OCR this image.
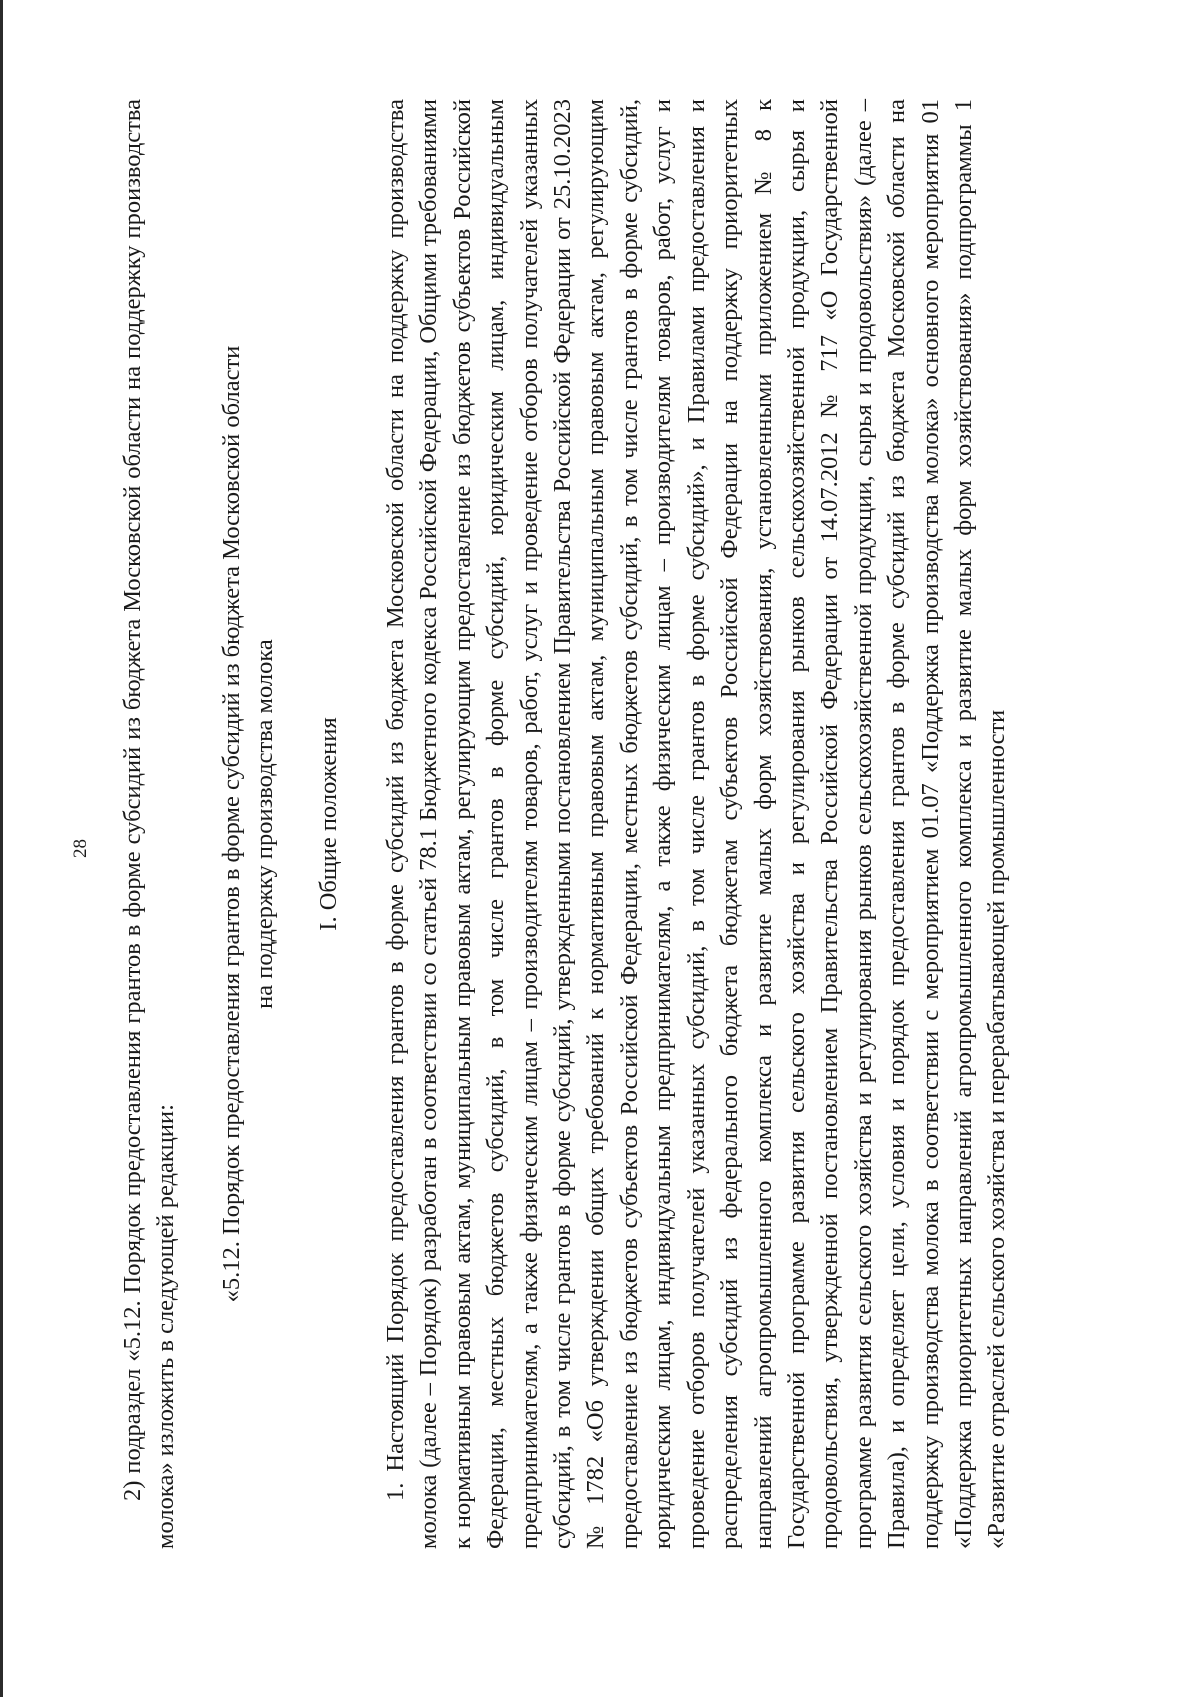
28 2) подраздел «5.12. Порядок предоставления грантов в форме субсидий из бюджета Московской области на поддержку производства молока» изложить в следующей редакции:

«5.12. Порядок предоставления грантов в форме субсидий из бюджета Московской области на поддержку производства молока I. Общие положения 1. Настоящий Порядок предоставления грантов в форме субсидий из бюджета Московской области на поддержку производства молока (далее – Порядок) разработан в соответствии со статьей 78.1 Бюджетного кодекса Российской Федерации, Общими требованиями к нормативным правовым актам, муниципальным правовым актам, регулирующим предоставление из бюджетов субъектов Российской Федерации, местных бюджетов субсидий, в том числе грантов в форме субсидий, юридическим лицам, индивидуальным предпринимателям, а также физическим лицам – производителям товаров, работ, услуг и проведение отборов получателей указанных субсидий, в том числе грантов в форме субсидий, утвержденными постановлением Правительства Российской Федерации от 25.10.2023 № 1782 «Об утверждении общих требований к нормативным правовым актам, муниципальным правовым актам, регулирующим предоставление из бюджетов субъектов Российской Федерации, местных бюджетов субсидий, в том числе грантов в форме субсидий, юридическим лицам, индивидуальным предпринимателям, а также физическим лицам – производителям товаров, работ, услуг и проведение отборов получателей указанных субсидий, в том числе грантов в форме субсидий», и Правилами предоставления и распределения субсидий из федерального бюджета бюджетам субъектов Российской Федерации на поддержку приоритетных направлений агропромышленного комплекса и развитие малых форм хозяйствования, установленными приложением № 8 к Государственной программе развития сельского хозяйства и регулирования рынков сельскохозяйственной продукции, сырья и продовольствия, утвержденной постановлением Правительства Российской Федерации от 14.07.2012 № 717 «О Государственной программе развития сельского хозяйства и регулирования рынков сельскохозяйственной продукции, сырья и продовольствия» (далее – Правила), и определяет цели, условия и порядок предоставления грантов в форме субсидий из бюджета Московской области на поддержку производства молока в соответствии с мероприятием 01.07 «Поддержка производства молока» основного мероприятия 01 «Поддержка приоритетных направлений агропромышленного комплекса и развитие малых форм хозяйствования» подпрограммы 1 «Развитие отраслей сельского хозяйства и перерабатывающей промышленности
